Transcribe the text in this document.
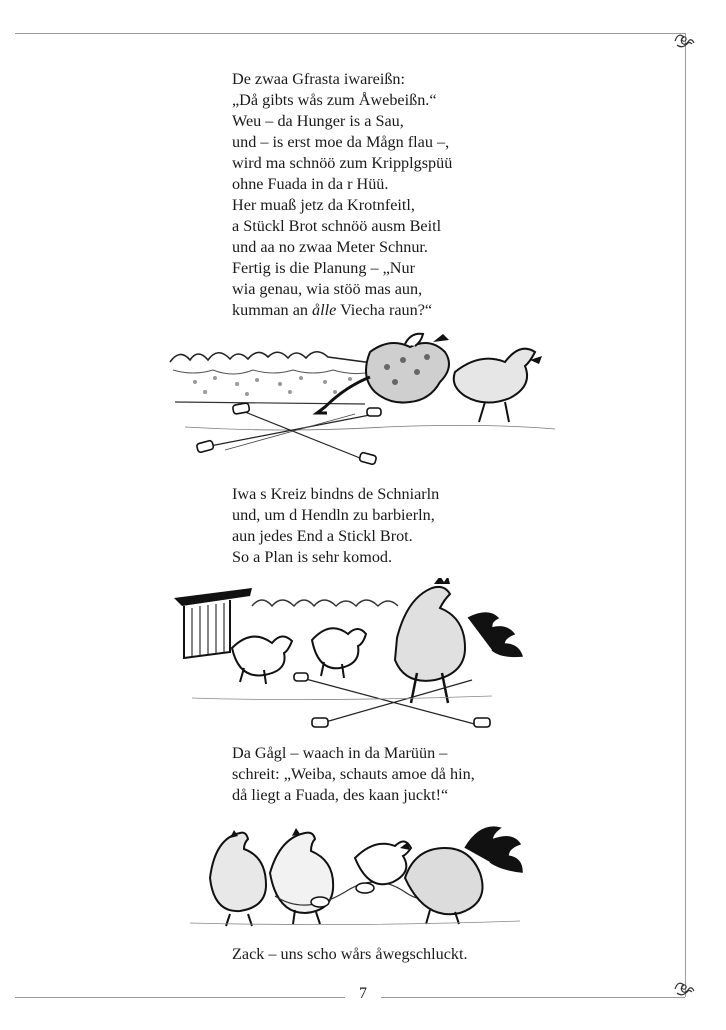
De zwaa Gfrasta iwareißn:
„Då gibts wås zum Åwebeißn.“
Weu – da Hunger is a Sau,
und – is erst moe da Mågn flau –,
wird ma schnöö zum Kripplgspüü
ohne Fuada in da r Hüü.
Her muaß jetz da Krotnfeitl,
a Stückl Brot schnöö ausm Beitl
und aa no zwaa Meter Schnur.
Fertig is die Planung – „Nur
wia genau, wia stöö mas aun,
kumman an ålle Viecha raun?“
Iwa s Kreiz bindns de Schniarln
und, um d Hendln zu barbierln,
aun jedes End a Stickl Brot.
So a Plan is sehr komod.
Da Gågl – waach in da Marüün –
schreit: „Weiba, schauts amoe då hin,
då liegt a Fuada, des kaan juckt!“
Zack – uns scho wårs åwegschluckt.
7
